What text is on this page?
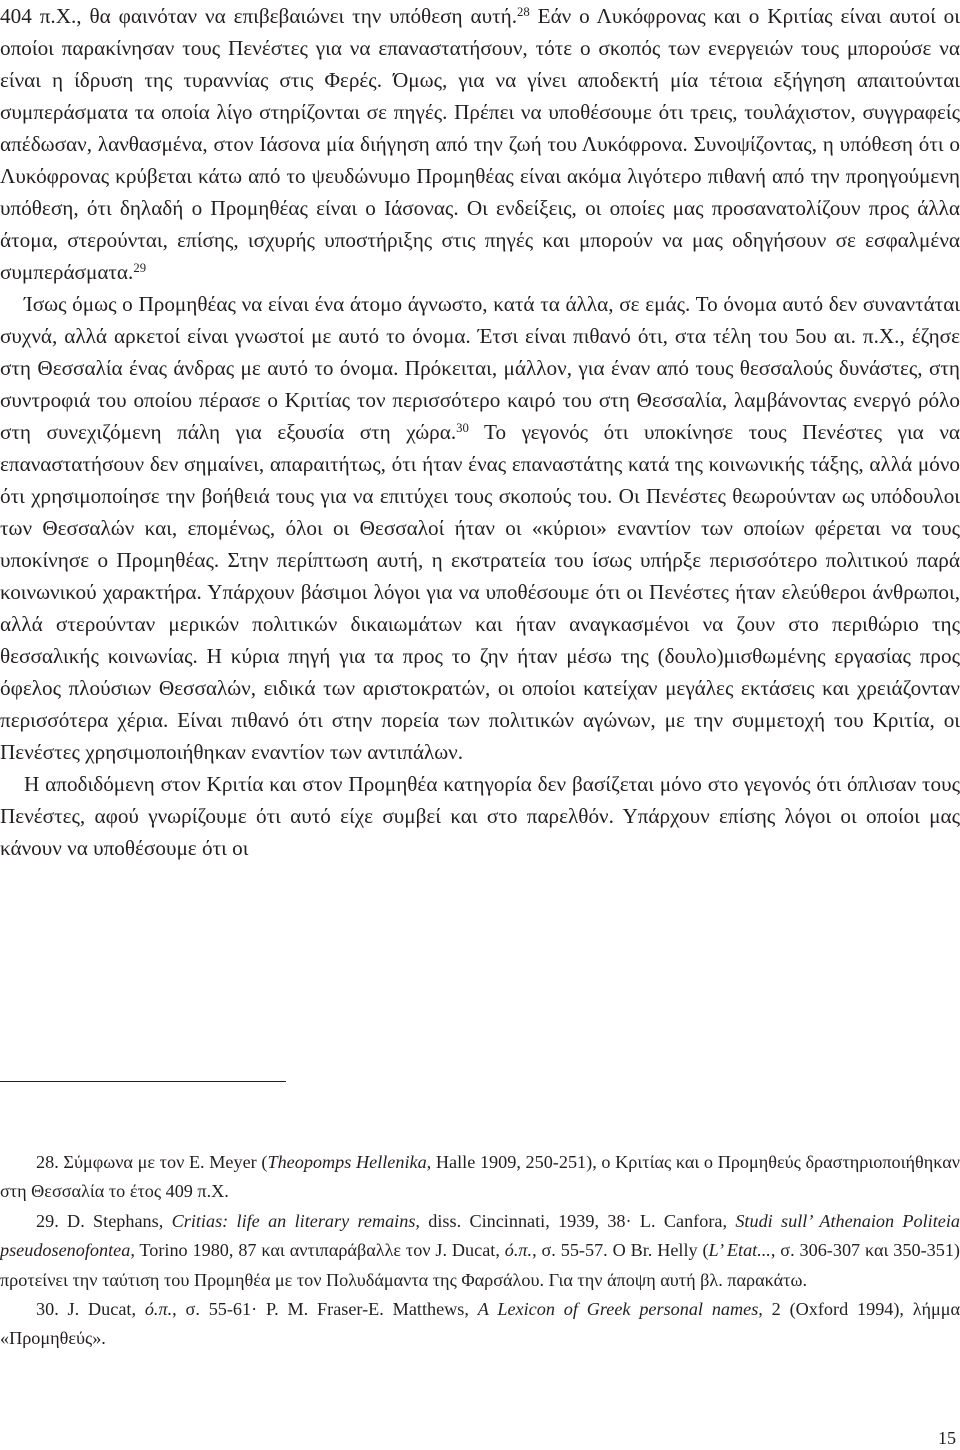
404 π.Χ., θα φαινόταν να επιβεβαιώνει την υπόθεση αυτή.$^{28}$ Εάν ο Λυκόφρονας και ο Κριτίας είναι αυτοί οι οποίοι παρακίνησαν τους Πενέστες για να επαναστατήσουν, τότε ο σκοπός των ενεργειών τους μπορούσε να είναι η ίδρυση της τυραννίας στις Φερές. Όμως, για να γίνει αποδεκτή μία τέτοια εξήγηση απαιτούνται συμπεράσματα τα οποία λίγο στηρίζονται σε πηγές. Πρέπει να υποθέσουμε ότι τρεις, τουλάχιστον, συγγραφείς απέδωσαν, λανθασμένα, στον Ιάσονα μία διήγηση από την ζωή του Λυκόφρονα. Συνοψίζοντας, η υπόθεση ότι ο Λυκόφρονας κρύβεται κάτω από το ψευδώνυμο Προμηθέας είναι ακόμα λιγότερο πιθανή από την προηγούμενη υπόθεση, ότι δηλαδή ο Προμηθέας είναι ο Ιάσονας. Οι ενδείξεις, οι οποίες μας προσανατολίζουν προς άλλα άτομα, στερούνται, επίσης, ισχυρής υποστήριξης στις πηγές και μπορούν να μας οδηγήσουν σε εσφαλμένα συμπεράσματα.$^{29}$

Ίσως όμως ο Προμηθέας να είναι ένα άτομο άγνωστο, κατά τα άλλα, σε εμάς. Το όνομα αυτό δεν συναντάται συχνά, αλλά αρκετοί είναι γνωστοί με αυτό το όνομα. Έτσι είναι πιθανό ότι, στα τέλη του 5ου αι. π.Χ., έζησε στη Θεσσαλία ένας άνδρας με αυτό το όνομα. Πρόκειται, μάλλον, για έναν από τους θεσσαλούς δυνάστες, στη συντροφιά του οποίου πέρασε ο Κριτίας τον περισσότερο καιρό του στη Θεσσαλία, λαμβάνοντας ενεργό ρόλο στη συνεχιζόμενη πάλη για εξουσία στη χώρα.$^{30}$ Το γεγονός ότι υποκίνησε τους Πενέστες για να επαναστατήσουν δεν σημαίνει, απαραιτήτως, ότι ήταν ένας επαναστάτης κατά της κοινωνικής τάξης, αλλά μόνο ότι χρησιμοποίησε την βοήθειά τους για να επιτύχει τους σκοπούς του. Οι Πενέστες θεωρούνταν ως υπόδουλοι των Θεσσαλών και, επομένως, όλοι οι Θεσσαλοί ήταν οι «κύριοι» εναντίον των οποίων φέρεται να τους υποκίνησε ο Προμηθέας. Στην περίπτωση αυτή, η εκστρατεία του ίσως υπήρξε περισσότερο πολιτικού παρά κοινωνικού χαρακτήρα. Υπάρχουν βάσιμοι λόγοι για να υποθέσουμε ότι οι Πενέστες ήταν ελεύθεροι άνθρωποι, αλλά στερούνταν μερικών πολιτικών δικαιωμάτων και ήταν αναγκασμένοι να ζουν στο περιθώριο της θεσσαλικής κοινωνίας. Η κύρια πηγή για τα προς το ζην ήταν μέσω της (δουλο)μισθωμένης εργασίας προς όφελος πλούσιων Θεσσαλών, ειδικά των αριστοκρατών, οι οποίοι κατείχαν μεγάλες εκτάσεις και χρειάζονταν περισσότερα χέρια. Είναι πιθανό ότι στην πορεία των πολιτικών αγώνων, με την συμμετοχή του Κριτία, οι Πενέστες χρησιμοποιήθηκαν εναντίον των αντιπάλων.

Η αποδιδόμενη στον Κριτία και στον Προμηθέα κατηγορία δεν βασίζεται μόνο στο γεγονός ότι όπλισαν τους Πενέστες, αφού γνωρίζουμε ότι αυτό είχε συμβεί και στο παρελθόν. Υπάρχουν επίσης λόγοι οι οποίοι μας κάνουν να υποθέσουμε ότι οι

28. Σύμφωνα με τον E. Meyer (Theopomps Hellenika, Halle 1909, 250-251), ο Κριτίας και ο Προμηθεύς δραστηριοποιήθηκαν στη Θεσσαλία το έτος 409 π.Χ.

29. D. Stephans, Critias: life an literary remains, diss. Cincinnati, 1939, 38· L. Canfora, Studi sull’ Athenaion Politeia pseudosenofontea, Torino 1980, 87 και αντιπαράβαλλε τον J. Ducat, ό.π., σ. 55-57. O Br. Helly (L’ Etat..., σ. 306-307 και 350-351) προτείνει την ταύτιση του Προμηθέα με τον Πολυδάμαντα της Φαρσάλου. Για την άποψη αυτή βλ. παρακάτω.

30. J. Ducat, ό.π., σ. 55-61· P. M. Fraser-E. Matthews, A Lexicon of Greek personal names, 2 (Oxford 1994), λήμμα «Προμηθεύς».

15
